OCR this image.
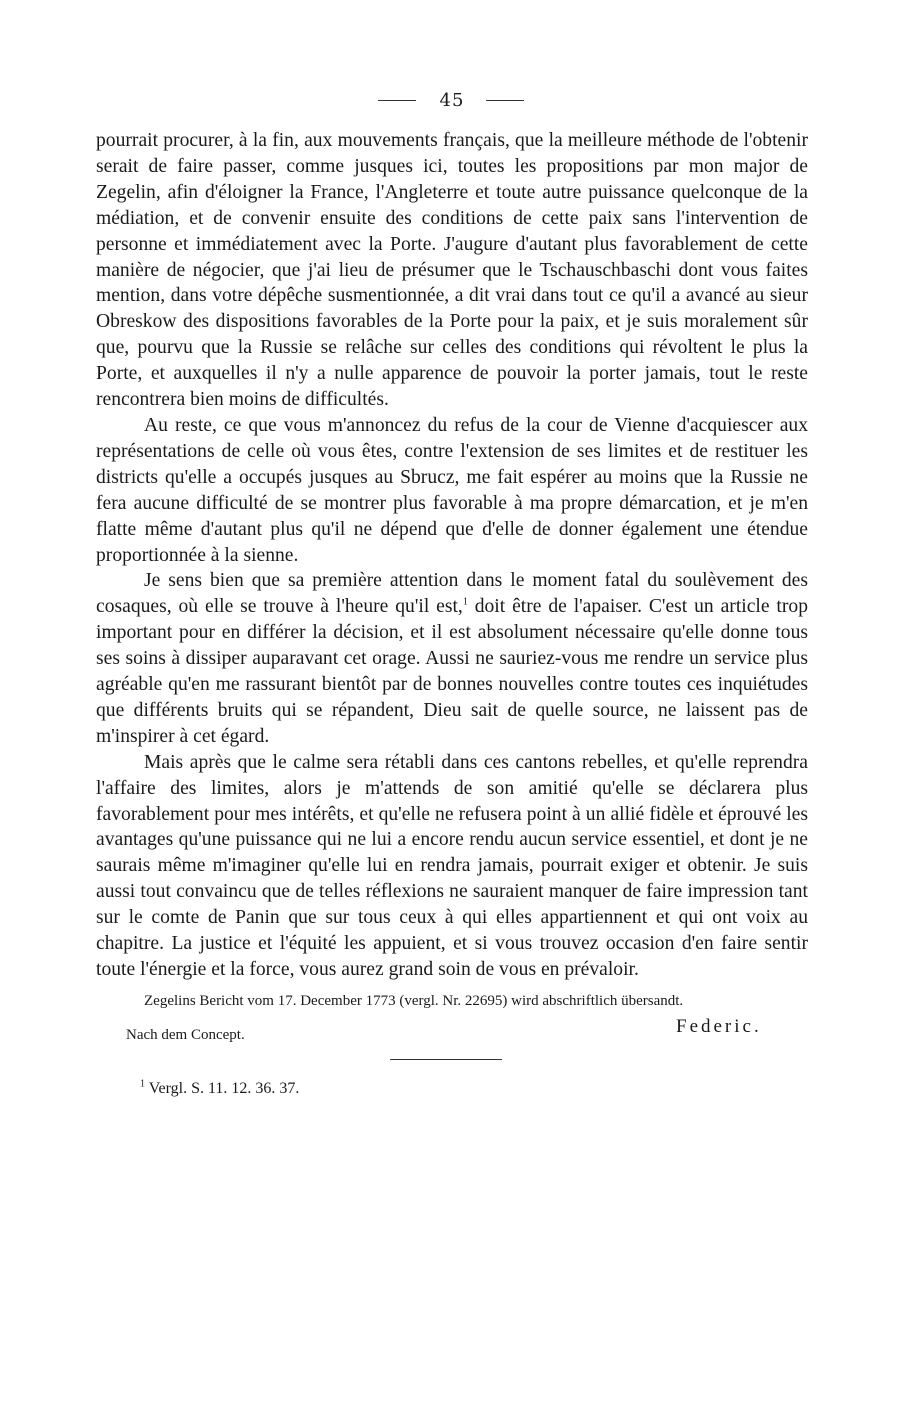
45

pourrait procurer, à la fin, aux mouvements français, que la meilleure méthode de l'obtenir serait de faire passer, comme jusques ici, toutes les propositions par mon major de Zegelin, afin d'éloigner la France, l'Angleterre et toute autre puissance quelconque de la médiation, et de convenir ensuite des conditions de cette paix sans l'intervention de personne et immédiatement avec la Porte. J'augure d'autant plus favorablement de cette manière de négocier, que j'ai lieu de présumer que le Tschauschbaschi dont vous faites mention, dans votre dépêche susmentionnée, a dit vrai dans tout ce qu'il a avancé au sieur Obreskow des dispositions favorables de la Porte pour la paix, et je suis moralement sûr que, pourvu que la Russie se relâche sur celles des conditions qui révoltent le plus la Porte, et auxquelles il n'y a nulle apparence de pouvoir la porter jamais, tout le reste rencontrera bien moins de difficultés.

Au reste, ce que vous m'annoncez du refus de la cour de Vienne d'acquiescer aux représentations de celle où vous êtes, contre l'extension de ses limites et de restituer les districts qu'elle a occupés jusques au Sbrucz, me fait espérer au moins que la Russie ne fera aucune difficulté de se montrer plus favorable à ma propre démarcation, et je m'en flatte même d'autant plus qu'il ne dépend que d'elle de donner également une étendue proportionnée à la sienne.

Je sens bien que sa première attention dans le moment fatal du soulèvement des cosaques, où elle se trouve à l'heure qu'il est,$^1$ doit être de l'apaiser. C'est un article trop important pour en différer la décision, et il est absolument nécessaire qu'elle donne tous ses soins à dissiper auparavant cet orage. Aussi ne sauriez-vous me rendre un service plus agréable qu'en me rassurant bientôt par de bonnes nouvelles contre toutes ces inquiétudes que différents bruits qui se répandent, Dieu sait de quelle source, ne laissent pas de m'inspirer à cet égard.

Mais après que le calme sera rétabli dans ces cantons rebelles, et qu'elle reprendra l'affaire des limites, alors je m'attends de son amitié qu'elle se déclarera plus favorablement pour mes intérêts, et qu'elle ne refusera point à un allié fidèle et éprouvé les avantages qu'une puissance qui ne lui a encore rendu aucun service essentiel, et dont je ne saurais même m'imaginer qu'elle lui en rendra jamais, pourrait exiger et obtenir. Je suis aussi tout convaincu que de telles réflexions ne sauraient manquer de faire impression tant sur le comte de Panin que sur tous ceux à qui elles appartiennent et qui ont voix au chapitre. La justice et l'équité les appuient, et si vous trouvez occasion d'en faire sentir toute l'énergie et la force, vous aurez grand soin de vous en prévaloir.

Zegelins Bericht vom 17. December 1773 (vergl. Nr. 22695) wird abschriftlich übersandt.
Nach dem Concept.	Federic.
$^1$ Vergl. S. 11. 12. 36. 37.
